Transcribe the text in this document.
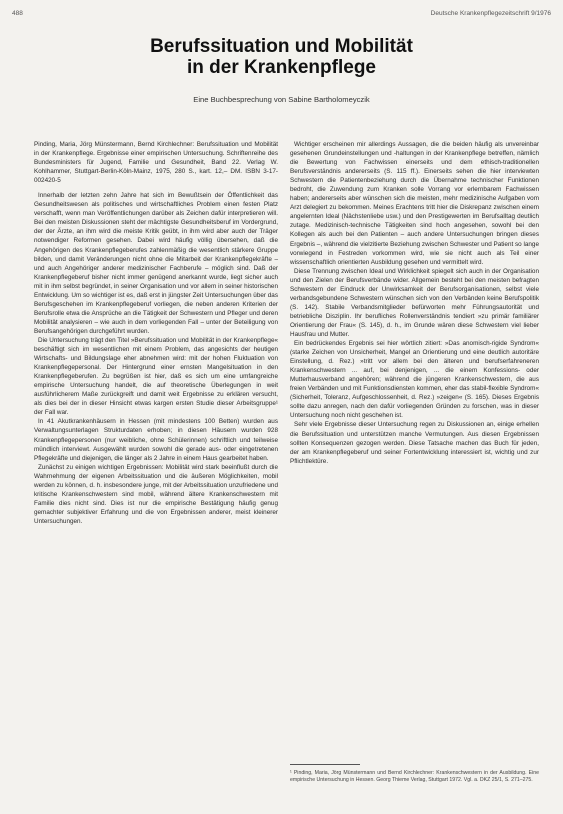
488	Deutsche Krankenpflegezeitschrift 9/1976
Berufssituation und Mobilität
in der Krankenpflege
Eine Buchbesprechung von Sabine Bartholomeyczik

Pinding, Maria, Jörg Münstermann, Bernd Kirchlechner: Berufssituation und Mobilität in der Krankenpflege. Ergebnisse einer empirischen Untersuchung. Schriftenreihe des Bundesministers für Jugend, Familie und Gesundheit, Band 22. Verlag W. Kohlhammer, Stuttgart-Berlin-Köln-Mainz, 1975, 280 S., kart. 12,– DM. ISBN 3-17-002420-5

Innerhalb der letzten zehn Jahre hat sich im Bewußtsein der Öffentlichkeit das Gesundheitswesen als politisches und wirtschaftliches Problem einen festen Platz verschafft, wenn man Veröffentlichungen darüber als Zeichen dafür interpretieren will. Bei den meisten Diskussionen steht der mächtigste Gesundheitsberuf im Vordergrund, der der Ärzte, an ihm wird die meiste Kritik geübt, in ihm wird aber auch der Träger notwendiger Reformen gesehen. Dabei wird häufig völlig übersehen, daß die Angehörigen des Krankenpflegeberufes zahlenmäßig die wesentlich stärkere Gruppe bilden, und damit Veränderungen nicht ohne die Mitarbeit der Krankenpflegekräfte – und auch Angehöriger anderer medizinischer Fachberufe – möglich sind. Daß der Krankenpflegeberuf bisher nicht immer genügend anerkannt wurde, liegt sicher auch mit in ihm selbst begründet, in seiner Organisation und vor allem in seiner historischen Entwicklung. Um so wichtiger ist es, daß erst in jüngster Zeit Untersuchungen über das Berufsgeschehen im Krankenpflegeberuf vorliegen, die neben anderen Kriterien der Berufsrolle etwa die Ansprüche an die Tätigkeit der Schwestern und Pfleger und deren Mobilität analysieren – wie auch in dem vorliegenden Fall – unter der Beteiligung von Berufsangehörigen durchgeführt wurden.

Die Untersuchung trägt den Titel »Berufssituation und Mobilität in der Krankenpflege« beschäftigt sich im wesentlichen mit einem Problem, das angesichts der heutigen Wirtschafts- und Bildungslage eher abnehmen wird: mit der hohen Fluktuation von Krankenpflegepersonal. Der Hintergrund einer ernsten Mangelsituation in den Krankenpflegeberufen. Zu begrüßen ist hier, daß es sich um eine umfangreiche empirische Untersuchung handelt, die auf theoretische Überlegungen in weit ausführlicherem Maße zurückgreift und damit weit Ergebnisse zu erklären versucht, als dies bei der in dieser Hinsicht etwas kargen ersten Studie dieser Arbeitsgruppe¹ der Fall war.

In 41 Akutkrankenhäusern in Hessen (mit mindestens 100 Betten) wurden aus Verwaltungsunterlagen Strukturdaten erhoben; in diesen Häusern wurden 928 Krankenpflegepersonen (nur weibliche, ohne Schülerinnen) schriftlich und teilweise mündlich interviewt. Ausgewählt wurden sowohl die gerade aus- oder eingetretenen Pflegekräfte und diejenigen, die länger als 2 Jahre in einem Haus gearbeitet haben.

Zunächst zu einigen wichtigen Ergebnissen: Mobilität wird stark beeinflußt durch die Wahrnehmung der eigenen Arbeitssituation und die äußeren Möglichkeiten, mobil werden zu können, d. h. insbesondere junge, mit der Arbeitssituation unzufriedene und kritische Krankenschwestern sind mobil, während ältere Krankenschwestern mit Familie dies nicht sind. Dies ist nur die empirische Bestätigung häufig genug gemachter subjektiver Erfahrung und die von Ergebnissen anderer, meist kleinerer Untersuchungen.

Wichtiger erscheinen mir allerdings Aussagen, die die beiden häufig als unvereinbar gesehenen Grundeinstellungen und -haltungen in der Krankenpflege betreffen, nämlich die Bewertung von Fachwissen einerseits und dem ethisch-traditionellen Berufsverständnis andererseits (S. 115 ff.). Einerseits sehen die hier interviewten Schwestern die Patientenbeziehung durch die Übernahme technischer Funktionen bedroht, die Zuwendung zum Kranken solle Vorrang vor erlernbarem Fachwissen haben; andererseits aber wünschen sich die meisten, mehr medizinische Aufgaben vom Arzt delegiert zu bekommen. Meines Erachtens tritt hier die Diskrepanz zwischen einem angelernten Ideal (Nächstenliebe usw.) und den Prestigewerten im Berufsalltag deutlich zutage. Medizinisch-technische Tätigkeiten sind hoch angesehen, sowohl bei den Kollegen als auch bei den Patienten – auch andere Untersuchungen bringen dieses Ergebnis –, während die vielzitierte Beziehung zwischen Schwester und Patient so lange vorwiegend in Festreden vorkommen wird, wie sie nicht auch als Teil einer wissenschaftlich orientierten Ausbildung gesehen und vermittelt wird.

Diese Trennung zwischen Ideal und Wirklichkeit spiegelt sich auch in der Organisation und den Zielen der Berufsverbände wider. Allgemein besteht bei den meisten befragten Schwestern der Eindruck der Unwirksamkeit der Berufsorganisationen, selbst viele verbandsgebundene Schwestern wünschen sich von den Verbänden keine Berufspolitik (S. 142). Stabile Verbandsmitglieder befürworten mehr Führungsautorität und betriebliche Disziplin. Ihr berufliches Rollenverständnis tendiert »zu primär familiärer Orientierung der Frau« (S. 145), d. h., im Grunde wären diese Schwestern viel lieber Hausfrau und Mutter.

Ein bedrückendes Ergebnis sei hier wörtlich zitiert: »Das anomisch-rigide Syndrom« (starke Zeichen von Unsicherheit, Mangel an Orientierung und eine deutlich autoritäre Einstellung, d. Rez.) »tritt vor allem bei den älteren und berufserfahreneren Krankenschwestern ... auf, bei denjenigen, ... die einem Konfessions- oder Mutterhausverband angehören; während die jüngeren Krankenschwestern, die aus freien Verbänden und mit Funktionsdiensten kommen, eher das stabil-flexible Syndrom« (Sicherheit, Toleranz, Aufgeschlossenheit, d. Rez.) »zeigen« (S. 165). Dieses Ergebnis sollte dazu anregen, nach den dafür vorliegenden Gründen zu forschen, was in dieser Untersuchung noch nicht geschehen ist.

Sehr viele Ergebnisse dieser Untersuchung regen zu Diskussionen an, einige erhellen die Berufssituation und unterstützen manche Vermutungen. Aus diesen Ergebnissen sollten Konsequenzen gezogen werden. Diese Tatsache machen das Buch für jeden, der am Krankenpflegeberuf und seiner Fortentwicklung interessiert ist, wichtig und zur Pflichtlektüre.

¹ Pinding, Maria, Jörg Münstermann und Bernd Kirchlechner: Krankenschwestern in der Ausbildung. Eine empirische Untersuchung in Hessen. Georg Thieme Verlag, Stuttgart 1972. Vgl. a. DKZ 25/1, S. 271–275.
